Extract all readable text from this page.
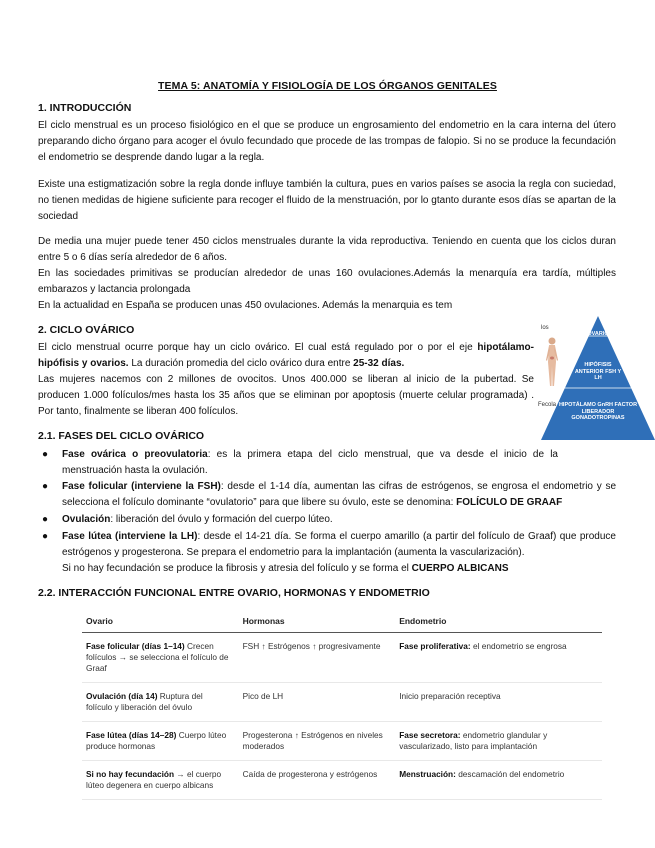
TEMA 5: ANATOMÍA Y FISIOLOGÍA DE LOS ÓRGANOS GENITALES
1. INTRODUCCIÓN

El ciclo menstrual es un proceso fisiológico en el que se produce un engrosamiento del endometrio en la cara interna del útero preparando dicho órgano para acoger el óvulo fecundado que procede de las trompas de falopio. Si no se produce la fecundación el endometrio se desprende dando lugar a la regla.

Existe una estigmatización sobre la regla donde influye también la cultura, pues en varios países se asocia la regla con suciedad, no tienen medidas de higiene suficiente para recoger el fluido de la menstruación, por lo gtanto durante esos días se apartan de la sociedad

De media una mujer puede tener 450 ciclos menstruales durante la vida reproductiva. Teniendo en cuenta que los ciclos duran entre 5 o 6 días sería alrededor de 6 años.

En las sociedades primitivas se producían alrededor de unas 160 ovulaciones.Además la menarquía era tardía, múltiples embarazos y lactancia prolongada

En la actualidad en España se producen unas 450 ovulaciones. Además la menarquia es tem

2. CICLO OVÁRICO

El ciclo menstrual ocurre porque hay un ciclo ovárico. El cual está regulado por o por el eje hipotálamo-hipófisis y ovarios. La duración promedia del ciclo ovárico dura entre 25-32 días.

Las mujeres nacemos con 2 millones de ovocitos. Unos 400.000 se liberan al inicio de la pubertad. Se producen 1.000 folículos/mes hasta los 35 años que se eliminan por apoptosis (muerte celular programada) . Por tanto, finalmente se liberan 400 folículos.

los
Fecola
OVARIO
HIPÓFISIS ANTERIOR FSH Y LH
HIPOTÁLAMO GnRH FACTOR LIBERADOR GONADOTROPINAS
2.1. FASES DEL CICLO OVÁRICO
● Fase ovárica o preovulatoria: es la primera etapa del ciclo menstrual, que va desde el inicio de la menstruación hasta la ovulación.
● Fase folicular (interviene la FSH): desde el 1-14 día, aumentan las cifras de estrógenos, se engrosa el endometrio y se selecciona el folículo dominante “ovulatorio” para que libere su óvulo, este se denomina: FOLÍCULO DE GRAAF
● Ovulación: liberación del óvulo y formación del cuerpo lúteo.
● Fase lútea (interviene la LH): desde el 14-21 día. Se forma el cuerpo amarillo (a partir del folículo de Graaf) que produce estrógenos y progesterona. Se prepara el endometrio para la implantación (aumenta la vascularización).
Si no hay fecundación se produce la fibrosis y atresia del folículo y se forma el CUERPO ALBICANS
2.2. INTERACCIÓN FUNCIONAL ENTRE OVARIO, HORMONAS Y ENDOMETRIO
Ovario	Hormonas	Endometrio
Fase folicular (días 1–14) Crecen folículos → se selecciona el folículo de Graaf	FSH ↑ Estrógenos ↑ progresivamente	Fase proliferativa: el endometrio se engrosa
Ovulación (día 14) Ruptura del folículo y liberación del óvulo	Pico de LH	Inicio preparación receptiva
Fase lútea (días 14–28) Cuerpo lúteo produce hormonas	Progesterona ↑ Estrógenos en niveles moderados	Fase secretora: endometrio glandular y vascularizado, listo para implantación
Si no hay fecundación → el cuerpo lúteo degenera en cuerpo albicans	Caída de progesterona y estrógenos	Menstruación: descamación del endometrio
